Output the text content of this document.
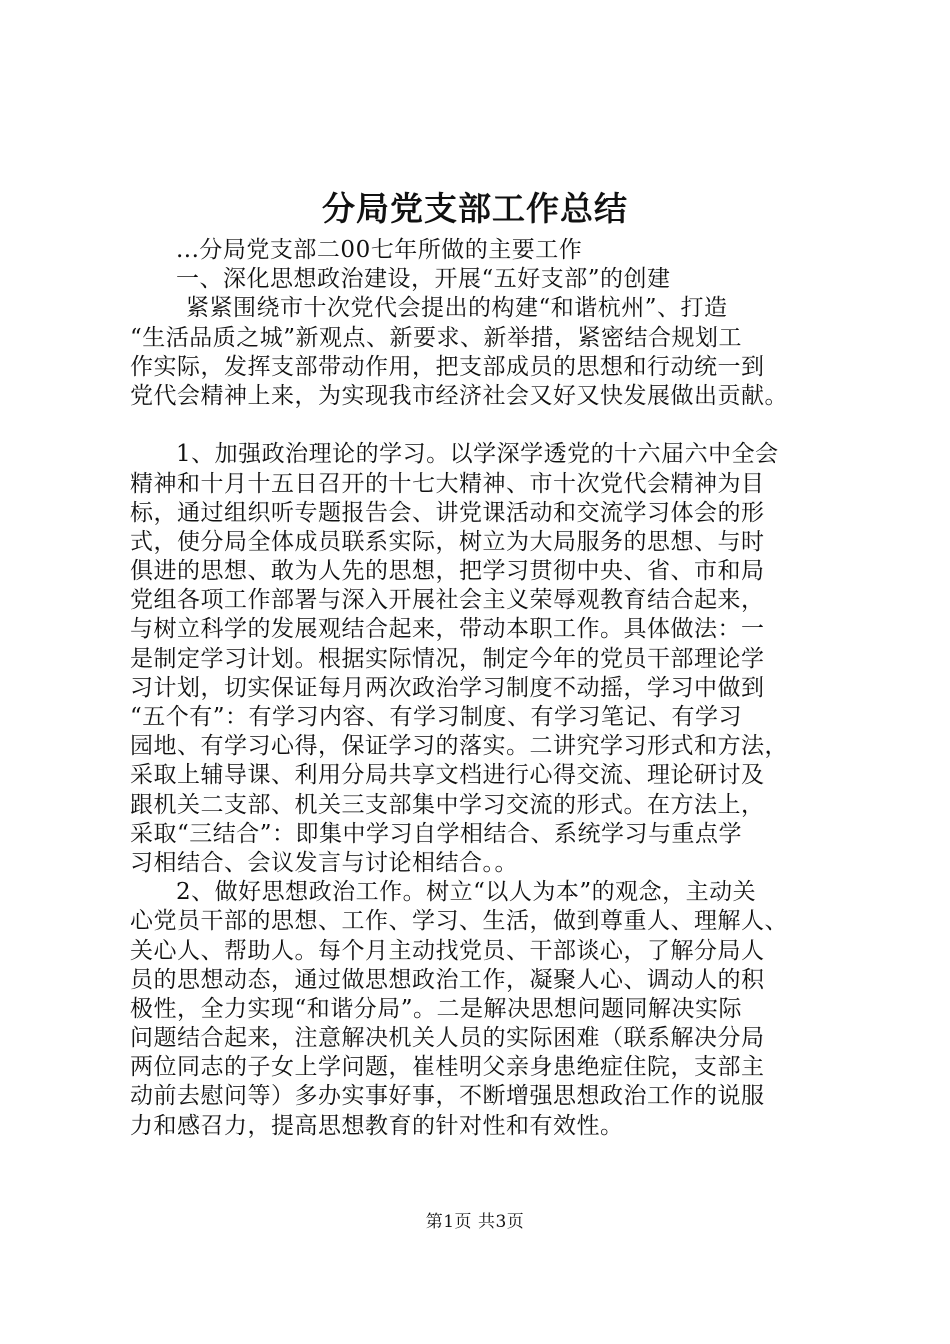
分局党支部工作总结
...分局党支部二00七年所做的主要工作
一、深化思想政治建设，开展“五好支部”的创建
紧紧围绕市十次党代会提出的构建“和谐杭州”、打造
“生活品质之城”新观点、新要求、新举措，紧密结合规划工
作实际，发挥支部带动作用，把支部成员的思想和行动统一到
党代会精神上来，为实现我市经济社会又好又快发展做出贡献。
1、加强政治理论的学习。以学深学透党的十六届六中全会
精神和十月十五日召开的十七大精神、市十次党代会精神为目
标，通过组织听专题报告会、讲党课活动和交流学习体会的形
式，使分局全体成员联系实际，树立为大局服务的思想、与时
俱进的思想、敢为人先的思想，把学习贯彻中央、省、市和局
党组各项工作部署与深入开展社会主义荣辱观教育结合起来，
与树立科学的发展观结合起来，带动本职工作。具体做法：一
是制定学习计划。根据实际情况，制定今年的党员干部理论学
习计划，切实保证每月两次政治学习制度不动摇，学习中做到
“五个有”：有学习内容、有学习制度、有学习笔记、有学习
园地、有学习心得，保证学习的落实。二讲究学习形式和方法，
采取上辅导课、利用分局共享文档进行心得交流、理论研讨及
跟机关二支部、机关三支部集中学习交流的形式。在方法上，
采取“三结合”：即集中学习自学相结合、系统学习与重点学
习相结合、会议发言与讨论相结合。。
2、做好思想政治工作。树立“以人为本”的观念，主动关
心党员干部的思想、工作、学习、生活，做到尊重人、理解人、
关心人、帮助人。每个月主动找党员、干部谈心，了解分局人
员的思想动态，通过做思想政治工作，凝聚人心、调动人的积
极性，全力实现“和谐分局”。二是解决思想问题同解决实际
问题结合起来，注意解决机关人员的实际困难（联系解决分局
两位同志的子女上学问题，崔桂明父亲身患绝症住院，支部主
动前去慰问等）多办实事好事，不断增强思想政治工作的说服
力和感召力，提高思想教育的针对性和有效性。
第1页 共3页
